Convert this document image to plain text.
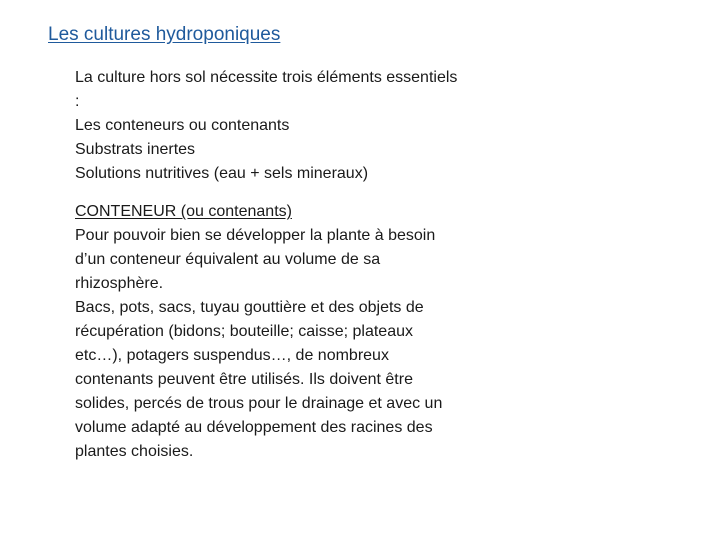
Les cultures hydroponiques
La culture hors sol nécessite trois éléments essentiels
:
Les conteneurs ou contenants
Substrats inertes
Solutions nutritives (eau + sels mineraux)
CONTENEUR (ou contenants)
Pour pouvoir bien se développer la plante à besoin
d’un conteneur équivalent au volume de sa
rhizosphère.
Bacs, pots, sacs, tuyau gouttière et des objets de
récupération (bidons; bouteille; caisse; plateaux
etc…), potagers suspendus…, de nombreux
contenants peuvent être utilisés. Ils doivent être
solides, percés de trous pour le drainage et avec un
volume adapté au développement des racines des
plantes choisies.
